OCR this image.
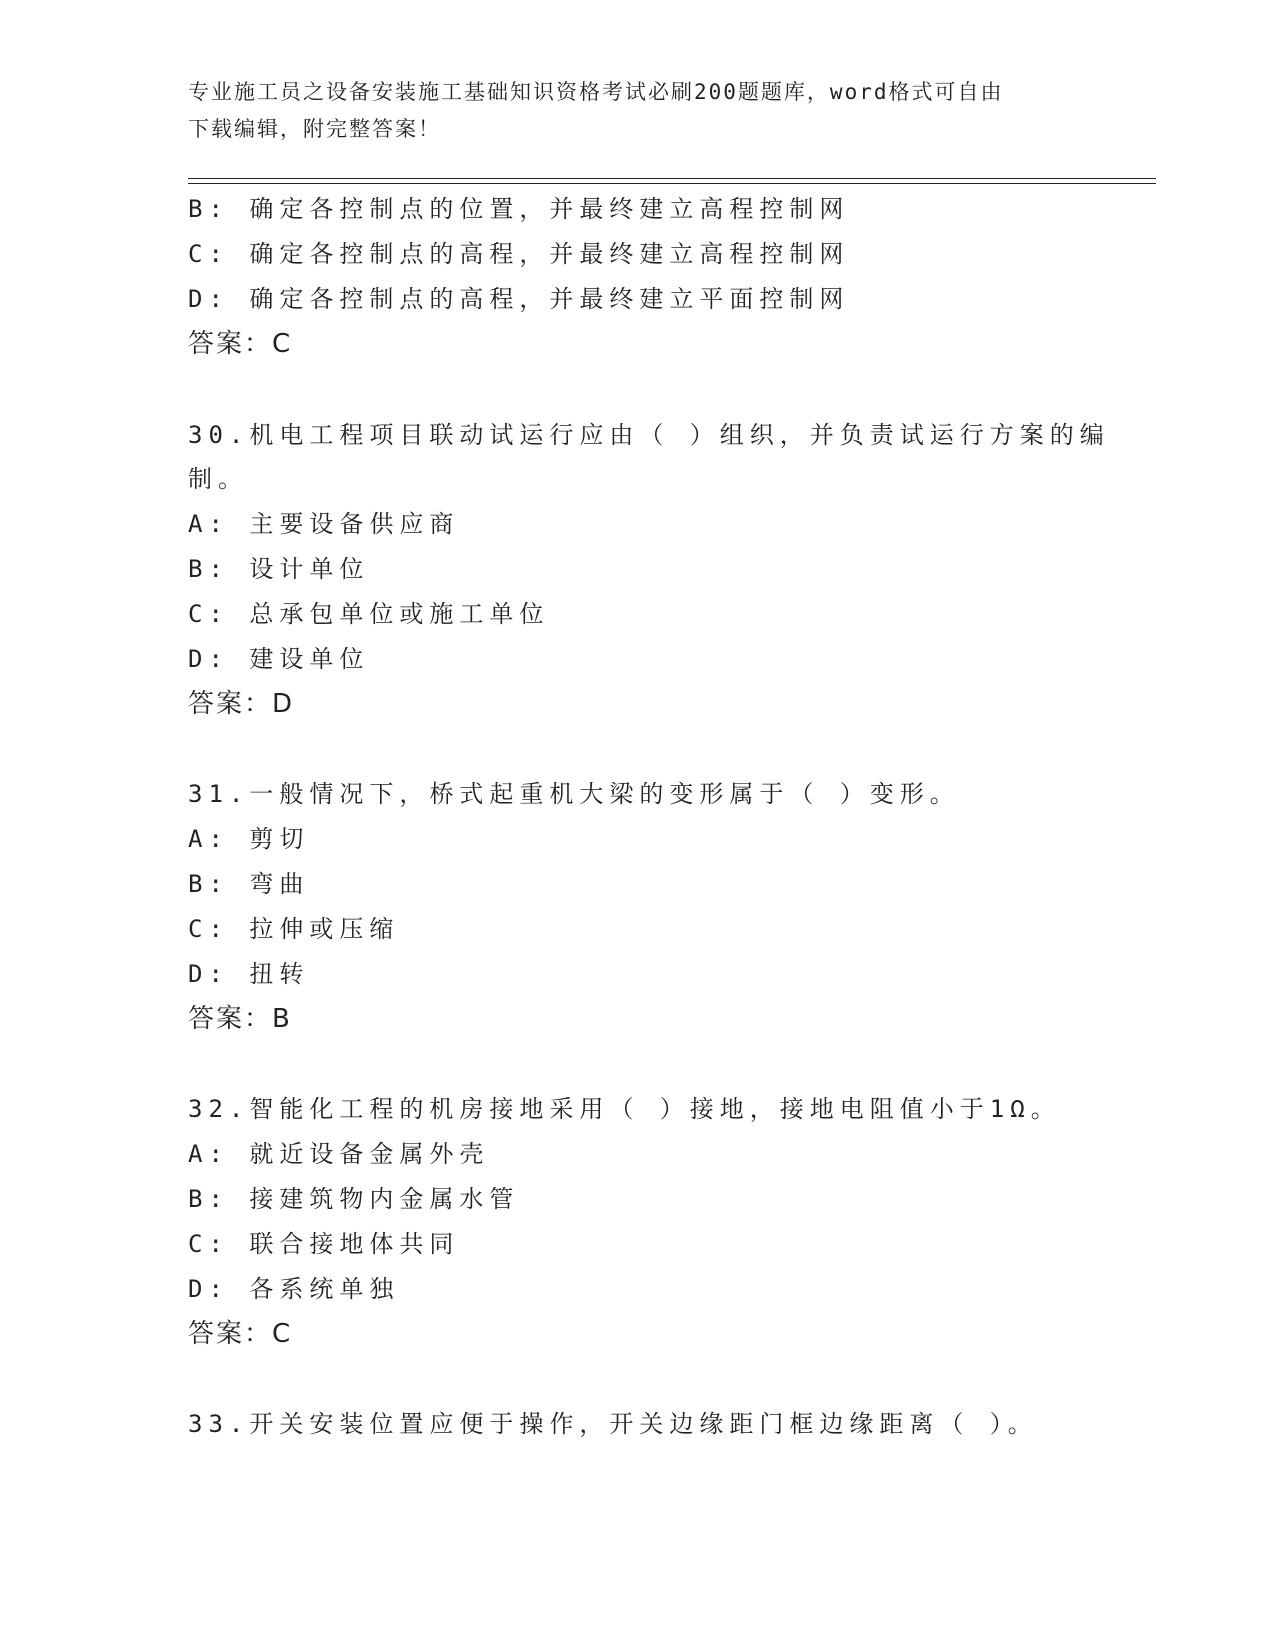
专业施工员之设备安装施工基础知识资格考试必刷200题题库，word格式可自由
下载编辑，附完整答案！
B: 确定各控制点的位置，并最终建立高程控制网
C: 确定各控制点的高程，并最终建立高程控制网
D: 确定各控制点的高程，并最终建立平面控制网
答案：C
30.机电工程项目联动试运行应由（ ）组织，并负责试运行方案的编
制。
A: 主要设备供应商
B: 设计单位
C: 总承包单位或施工单位
D: 建设单位
答案：D
31.一般情况下，桥式起重机大梁的变形属于（ ）变形。
A: 剪切
B: 弯曲
C: 拉伸或压缩
D: 扭转
答案：B
32.智能化工程的机房接地采用（ ）接地，接地电阻值小于1Ω。
A: 就近设备金属外壳
B: 接建筑物内金属水管
C: 联合接地体共同
D: 各系统单独
答案：C
33.开关安装位置应便于操作，开关边缘距门框边缘距离（ ）。
